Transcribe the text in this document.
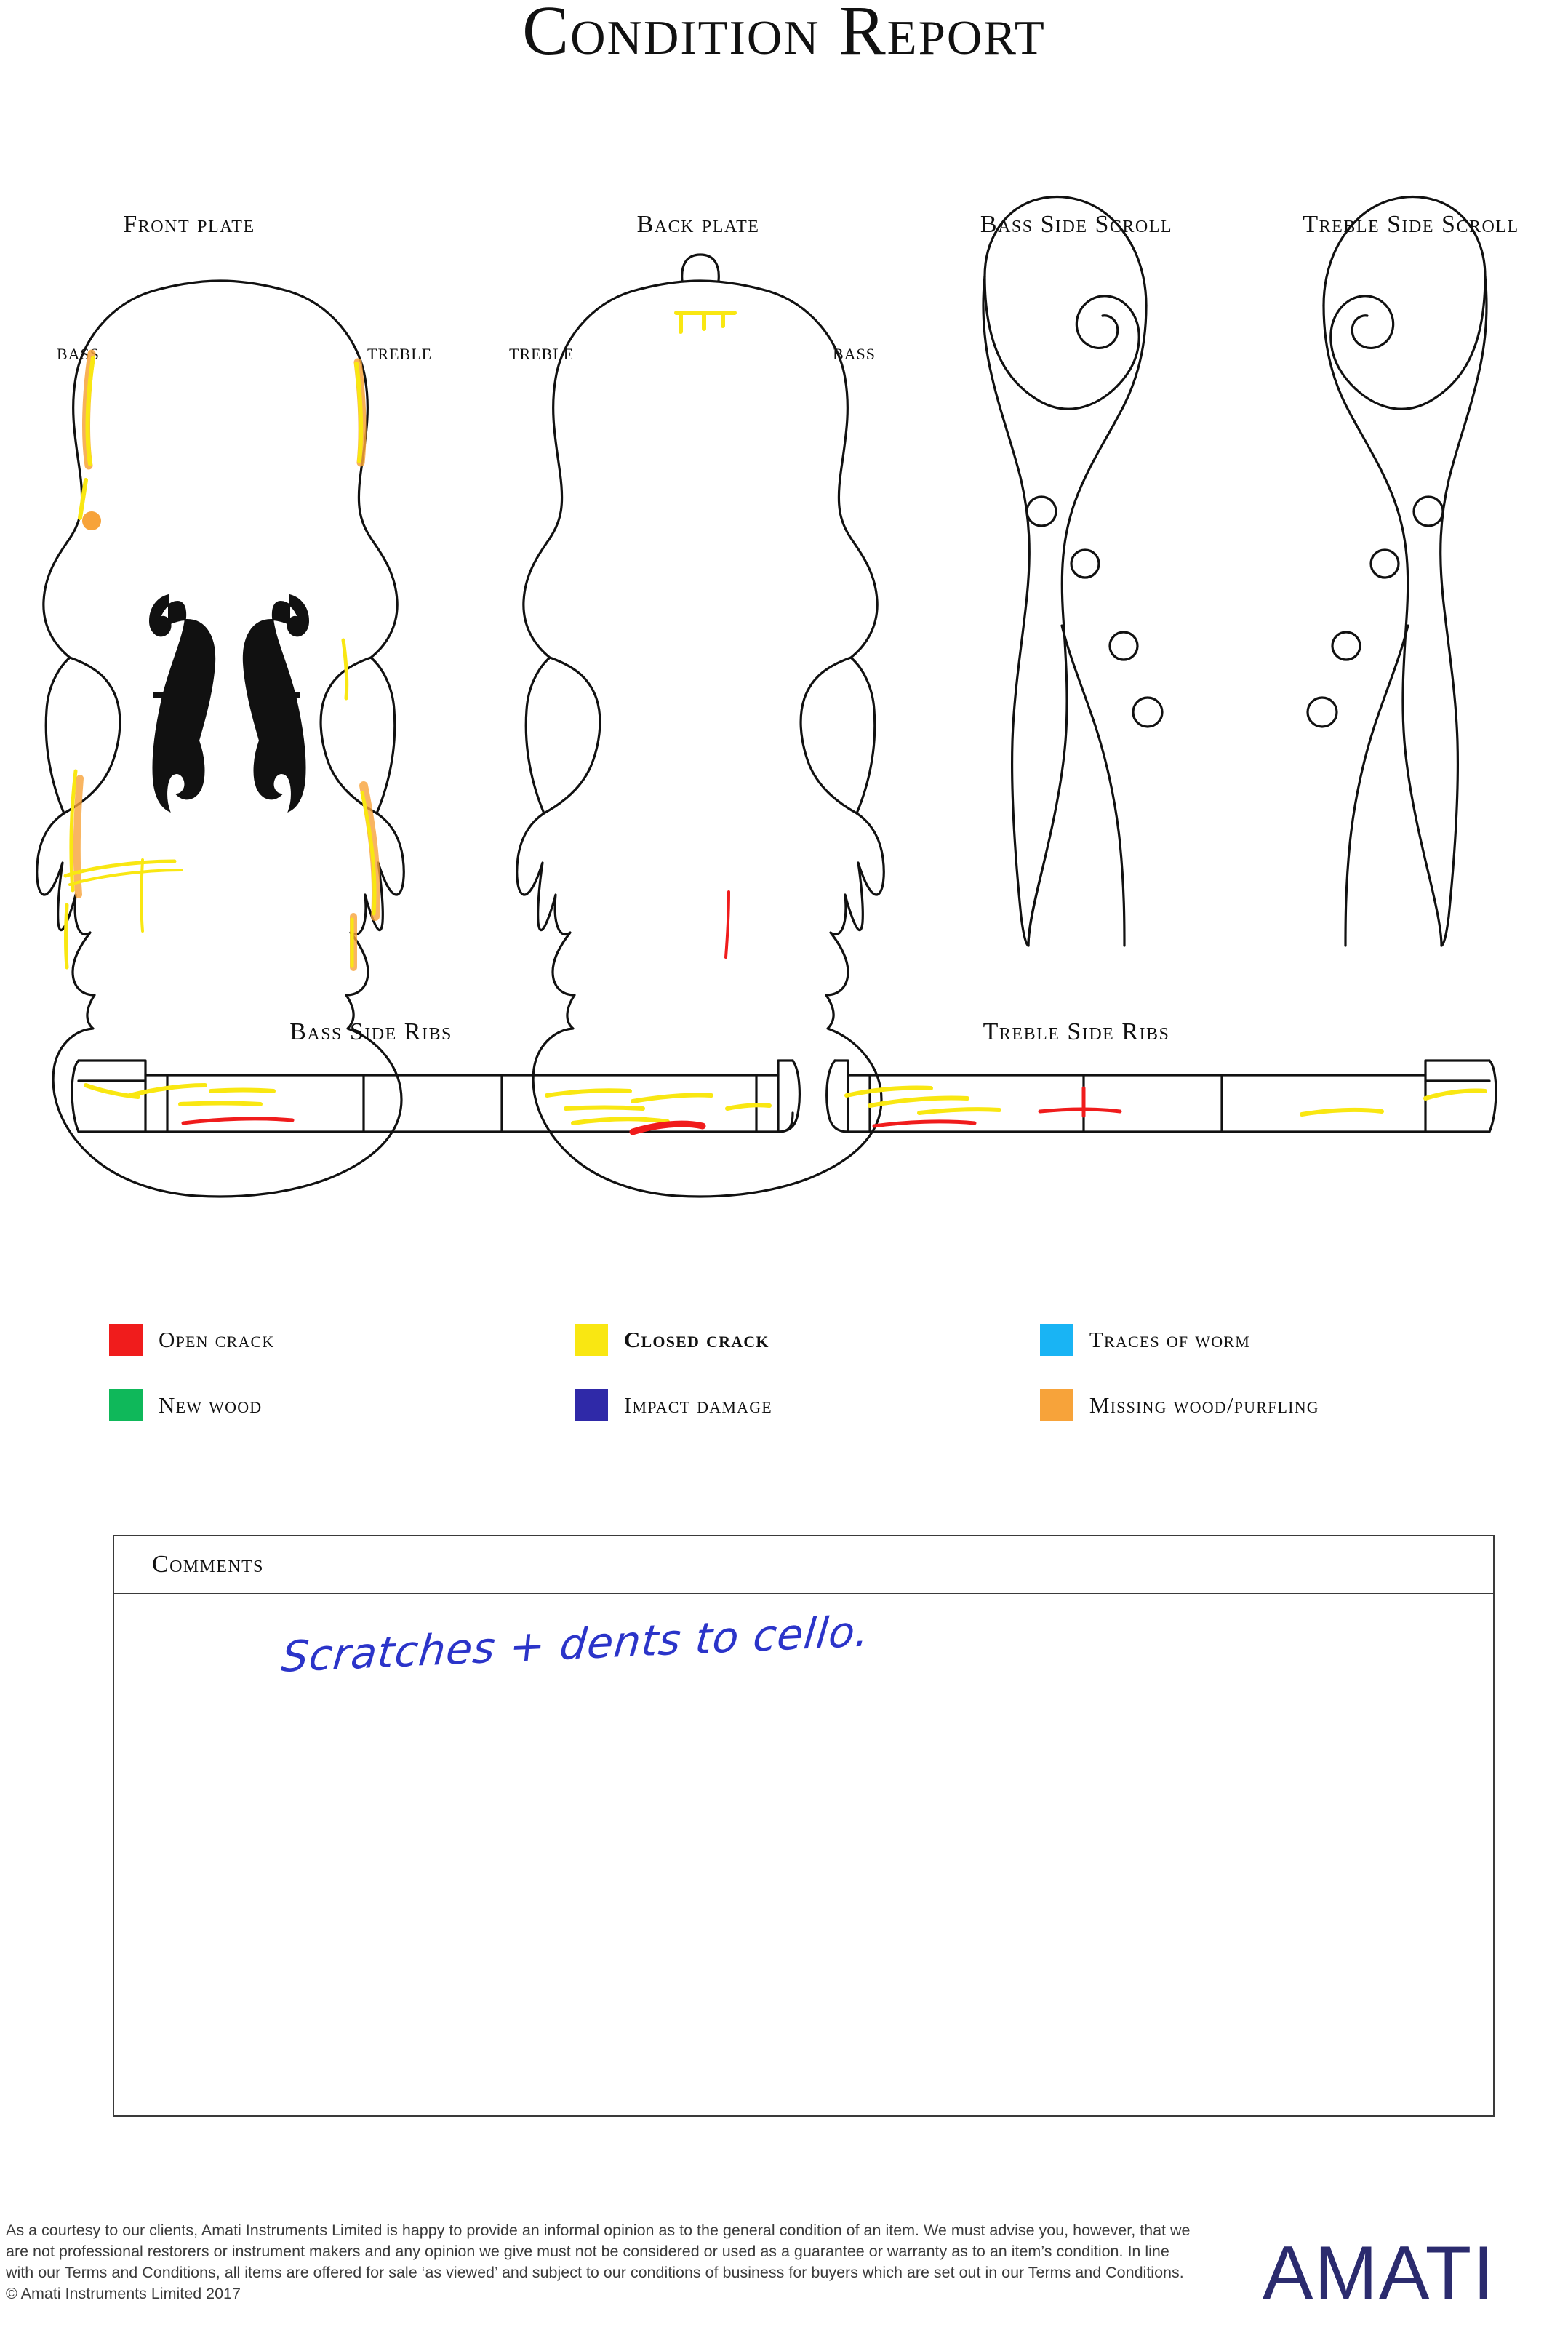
Condition Report
Front plate	Back plate	Bass Side Scroll	Treble Side Scroll
Bass Side Ribs	Treble Side Ribs
BASS	TREBLE	TREBLE	BASS
Open crack	Closed crack	Traces of worm
New wood	Impact damage	Missing wood/purfling
Comments
Scratches + dents to cello.
As a courtesy to our clients, Amati Instruments Limited is happy to provide an informal opinion as to the general condition of an item. We must advise you, however, that we are not professional restorers or instrument makers and any opinion we give must not be considered or used as a guarantee or warranty as to an item’s condition. In line with our Terms and Conditions, all items are offered for sale ‘as viewed’ and subject to our conditions of business for buyers which are set out in our Terms and Conditions. © Amati Instruments Limited 2017	AMATI
